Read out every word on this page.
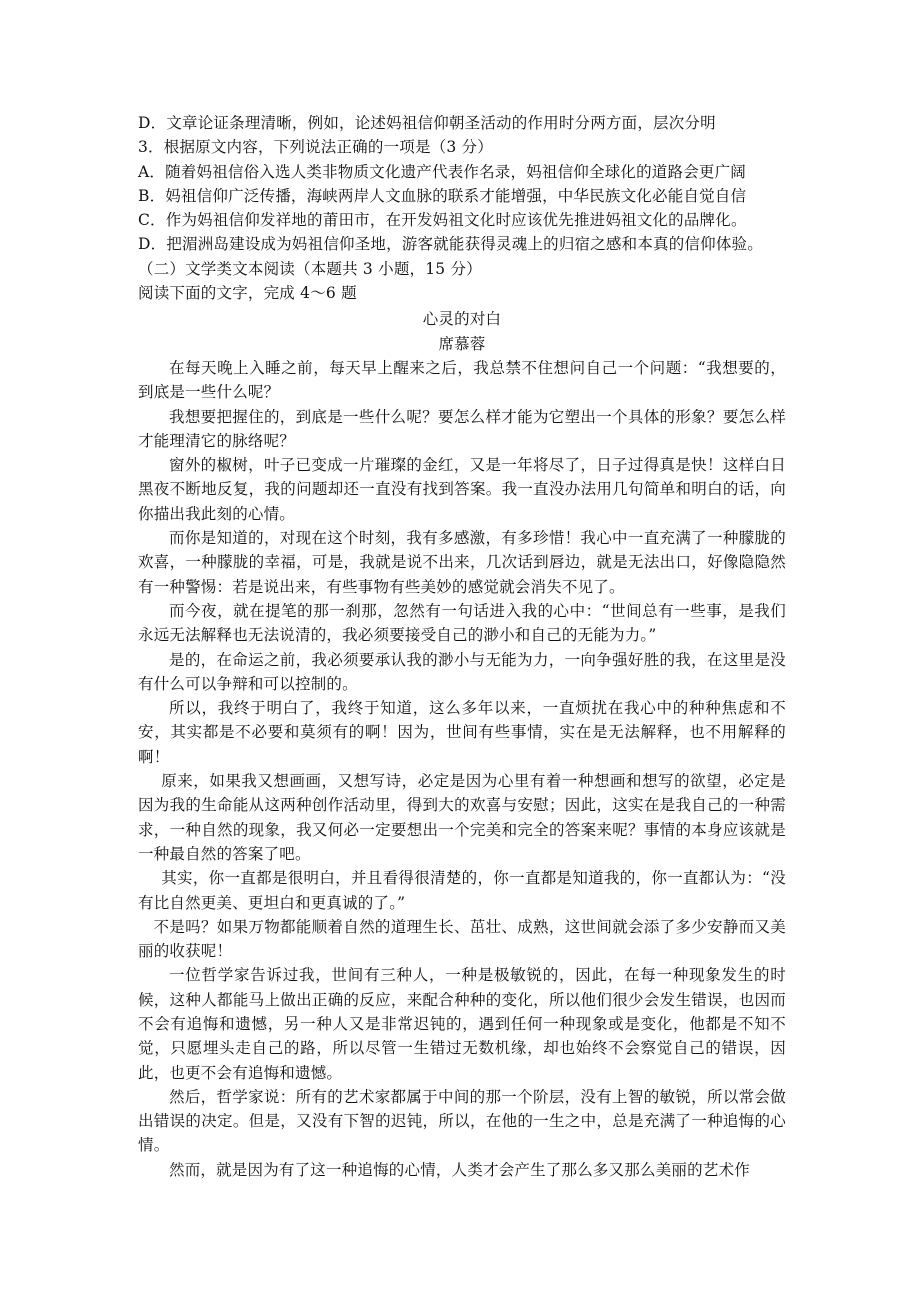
D．文章论证条理清晰，例如，论述妈祖信仰朝圣活动的作用时分两方面，层次分明

3．根据原文内容，下列说法正确的一项是（3 分）

A．随着妈祖信俗入选人类非物质文化遗产代表作名录，妈祖信仰全球化的道路会更广阔

B．妈祖信仰广泛传播，海峡两岸人文血脉的联系才能增强，中华民族文化必能自觉自信

C．作为妈祖信仰发祥地的莆田市，在开发妈祖文化时应该优先推进妈祖文化的品牌化。

D．把湄洲岛建设成为妈祖信仰圣地，游客就能获得灵魂上的归宿之感和本真的信仰体验。

（二）文学类文本阅读（本题共 3 小题，15 分）

阅读下面的文字，完成 4～6 题

心灵的对白

席慕蓉

在每天晚上入睡之前，每天早上醒来之后，我总禁不住想问自己一个问题：“我想要的，到底是一些什么呢？

我想要把握住的，到底是一些什么呢？要怎么样才能为它塑出一个具体的形象？要怎么样才能理清它的脉络呢？

窗外的椒树，叶子已变成一片璀璨的金红，又是一年将尽了，日子过得真是快！这样白日黑夜不断地反复，我的问题却还一直没有找到答案。我一直没办法用几句简单和明白的话，向你描出我此刻的心情。

而你是知道的，对现在这个时刻，我有多感激，有多珍惜！我心中一直充满了一种朦胧的欢喜，一种朦胧的幸福，可是，我就是说不出来，几次话到唇边，就是无法出口，好像隐隐然有一种警惕：若是说出来，有些事物有些美妙的感觉就会消失不见了。

而今夜，就在提笔的那一刹那，忽然有一句话进入我的心中：“世间总有一些事，是我们永远无法解释也无法说清的，我必须要接受自己的渺小和自己的无能为力。”

是的，在命运之前，我必须要承认我的渺小与无能为力，一向争强好胜的我，在这里是没有什么可以争辩和可以控制的。

所以，我终于明白了，我终于知道，这么多年以来，一直烦扰在我心中的种种焦虑和不安，其实都是不必要和莫须有的啊！因为，世间有些事情，实在是无法解释，也不用解释的啊！

原来，如果我又想画画，又想写诗，必定是因为心里有着一种想画和想写的欲望，必定是因为我的生命能从这两种创作活动里，得到大的欢喜与安慰；因此，这实在是我自己的一种需求，一种自然的现象，我又何必一定要想出一个完美和完全的答案来呢？事情的本身应该就是一种最自然的答案了吧。

其实，你一直都是很明白，并且看得很清楚的，你一直都是知道我的，你一直都认为：“没有比自然更美、更坦白和更真诚的了。”

不是吗？如果万物都能顺着自然的道理生长、茁壮、成熟，这世间就会添了多少安静而又美丽的收获呢！

一位哲学家告诉过我，世间有三种人，一种是极敏锐的，因此，在每一种现象发生的时候，这种人都能马上做出正确的反应，来配合种种的变化，所以他们很少会发生错误，也因而不会有追悔和遗憾，另一种人又是非常迟钝的，遇到任何一种现象或是变化，他都是不知不觉，只愿埋头走自己的路，所以尽管一生错过无数机缘，却也始终不会察觉自己的错误，因此，也更不会有追悔和遗憾。

然后，哲学家说：所有的艺术家都属于中间的那一个阶层，没有上智的敏锐，所以常会做出错误的决定。但是，又没有下智的迟钝，所以，在他的一生之中，总是充满了一种追悔的心情。

然而，就是因为有了这一种追悔的心情，人类才会产生了那么多又那么美丽的艺术作
